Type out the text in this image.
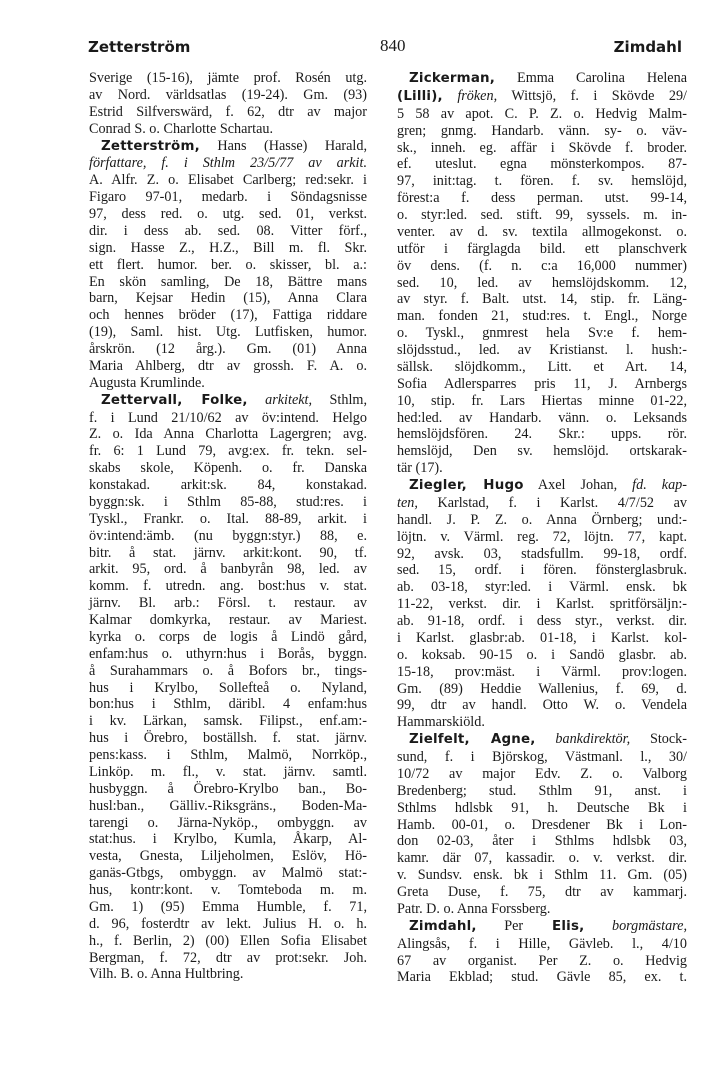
Zetterström	840	Zimdahl
Sverige (15-16), jämte prof. Rosén utg.
av Nord. världsatlas (19-24). Gm. (93)
Estrid Silfverswärd, f. 62, dtr av major
Conrad S. o. Charlotte Schartau.
Zetterström, Hans (Hasse) Harald,
författare, f. i Sthlm 23/5/77 av arkit.
A. Alfr. Z. o. Elisabet Carlberg; red:sekr. i
Figaro 97-01, medarb. i Söndagsnisse
97, dess red. o. utg. sed. 01, verkst.
dir. i dess ab. sed. 08. Vitter förf.,
sign. Hasse Z., H.Z., Bill m. fl. Skr.
ett flert. humor. ber. o. skisser, bl. a.:
En skön samling, De 18, Bättre mans
barn, Kejsar Hedin (15), Anna Clara
och hennes bröder (17), Fattiga riddare
(19), Saml. hist. Utg. Lutfisken, humor.
årskrön. (12 årg.). Gm. (01) Anna
Maria Ahlberg, dtr av grossh. F. A. o.
Augusta Krumlinde.
Zettervall, Folke, arkitekt, Sthlm,
f. i Lund 21/10/62 av öv:intend. Helgo
Z. o. Ida Anna Charlotta Lagergren; avg.
fr. 6: 1 Lund 79, avg:ex. fr. tekn. sel-
skabs skole, Köpenh. o. fr. Danska
konstakad. arkit:sk. 84, konstakad.
byggn:sk. i Sthlm 85-88, stud:res. i
Tyskl., Frankr. o. Ital. 88-89, arkit. i
öv:intend:ämb. (nu byggn:styr.) 88, e.
bitr. å stat. järnv. arkit:kont. 90, tf.
arkit. 95, ord. å banbyrån 98, led. av
komm. f. utredn. ang. bost:hus v. stat.
järnv. Bl. arb.: Försl. t. restaur. av
Kalmar domkyrka, restaur. av Mariest.
kyrka o. corps de logis å Lindö gård,
enfam:hus o. uthyrn:hus i Borås, byggn.
å Surahammars o. å Bofors br., tings-
hus i Krylbo, Sollefteå o. Nyland,
bon:hus i Sthlm, däribl. 4 enfam:hus
i kv. Lärkan, samsk. Filipst., enf.am:-
hus i Örebro, boställsh. f. stat. järnv.
pens:kass. i Sthlm, Malmö, Norrköp.,
Linköp. m. fl., v. stat. järnv. samtl.
husbyggn. å Örebro-Krylbo ban., Bo-
husl:ban., Gälliv.-Riksgräns., Boden-Ma-
tarengi o. Järna-Nyköp., ombyggn. av
stat:hus. i Krylbo, Kumla, Åkarp, Al-
vesta, Gnesta, Liljeholmen, Eslöv, Hö-
ganäs-Gtbgs, ombyggn. av Malmö stat:-
hus, kontr:kont. v. Tomteboda m. m.
Gm. 1) (95) Emma Humble, f. 71,
d. 96, fosterdtr av lekt. Julius H. o. h.
h., f. Berlin, 2) (00) Ellen Sofia Elisabet
Bergman, f. 72, dtr av prot:sekr. Joh.
Vilh. B. o. Anna Hultbring.
Zickerman, Emma Carolina Helena
(Lilli), fröken, Wittsjö, f. i Skövde 29/
5 58 av apot. C. P. Z. o. Hedvig Malm-
gren; gnmg. Handarb. vänn. sy- o. väv-
sk., inneh. eg. affär i Skövde f. broder.
ef. uteslut. egna mönsterkompos. 87-
97, init:tag. t. fören. f. sv. hemslöjd,
förest:a f. dess perman. utst. 99-14,
o. styr:led. sed. stift. 99, syssels. m. in-
venter. av d. sv. textila allmogekonst. o.
utför i färglagda bild. ett planschverk
öv dens. (f. n. c:a 16,000 nummer)
sed. 10, led. av hemslöjdskomm. 12,
av styr. f. Balt. utst. 14, stip. fr. Läng-
man. fonden 21, stud:res. t. Engl., Norge
o. Tyskl., gnmrest hela Sv:e f. hem-
slöjdsstud., led. av Kristianst. l. hush:-
sällsk. slöjdkomm., Litt. et Art. 14,
Sofia Adlersparres pris 11, J. Arnbergs
10, stip. fr. Lars Hiertas minne 01-22,
hed:led. av Handarb. vänn. o. Leksands
hemslöjdsfören. 24. Skr.: upps. rör.
hemslöjd, Den sv. hemslöjd. ortskarak-
tär (17).
Ziegler, Hugo Axel Johan, fd. kap-
ten, Karlstad, f. i Karlst. 4/7/52 av
handl. J. P. Z. o. Anna Örnberg; und:-
löjtn. v. Värml. reg. 72, löjtn. 77, kapt.
92, avsk. 03, stadsfullm. 99-18, ordf.
sed. 15, ordf. i fören. fönsterglasbruk.
ab. 03-18, styr:led. i Värml. ensk. bk
11-22, verkst. dir. i Karlst. spritförsäljn:-
ab. 91-18, ordf. i dess styr., verkst. dir.
i Karlst. glasbr:ab. 01-18, i Karlst. kol-
o. koksab. 90-15 o. i Sandö glasbr. ab.
15-18, prov:mäst. i Värml. prov:logen.
Gm. (89) Heddie Wallenius, f. 69, d.
99, dtr av handl. Otto W. o. Vendela
Hammarskiöld.
Zielfelt, Agne, bankdirektör, Stock-
sund, f. i Björskog, Västmanl. l., 30/
10/72 av major Edv. Z. o. Valborg
Bredenberg; stud. Sthlm 91, anst. i
Sthlms hdlsbk 91, h. Deutsche Bk i
Hamb. 00-01, o. Dresdener Bk i Lon-
don 02-03, åter i Sthlms hdlsbk 03,
kamr. där 07, kassadir. o. v. verkst. dir.
v. Sundsv. ensk. bk i Sthlm 11. Gm. (05)
Greta Duse, f. 75, dtr av kammarj.
Patr. D. o. Anna Forssberg.
Zimdahl, Per Elis, borgmästare,
Alingsås, f. i Hille, Gävleb. l., 4/10
67 av organist. Per Z. o. Hedvig
Maria Ekblad; stud. Gävle 85, ex. t.
